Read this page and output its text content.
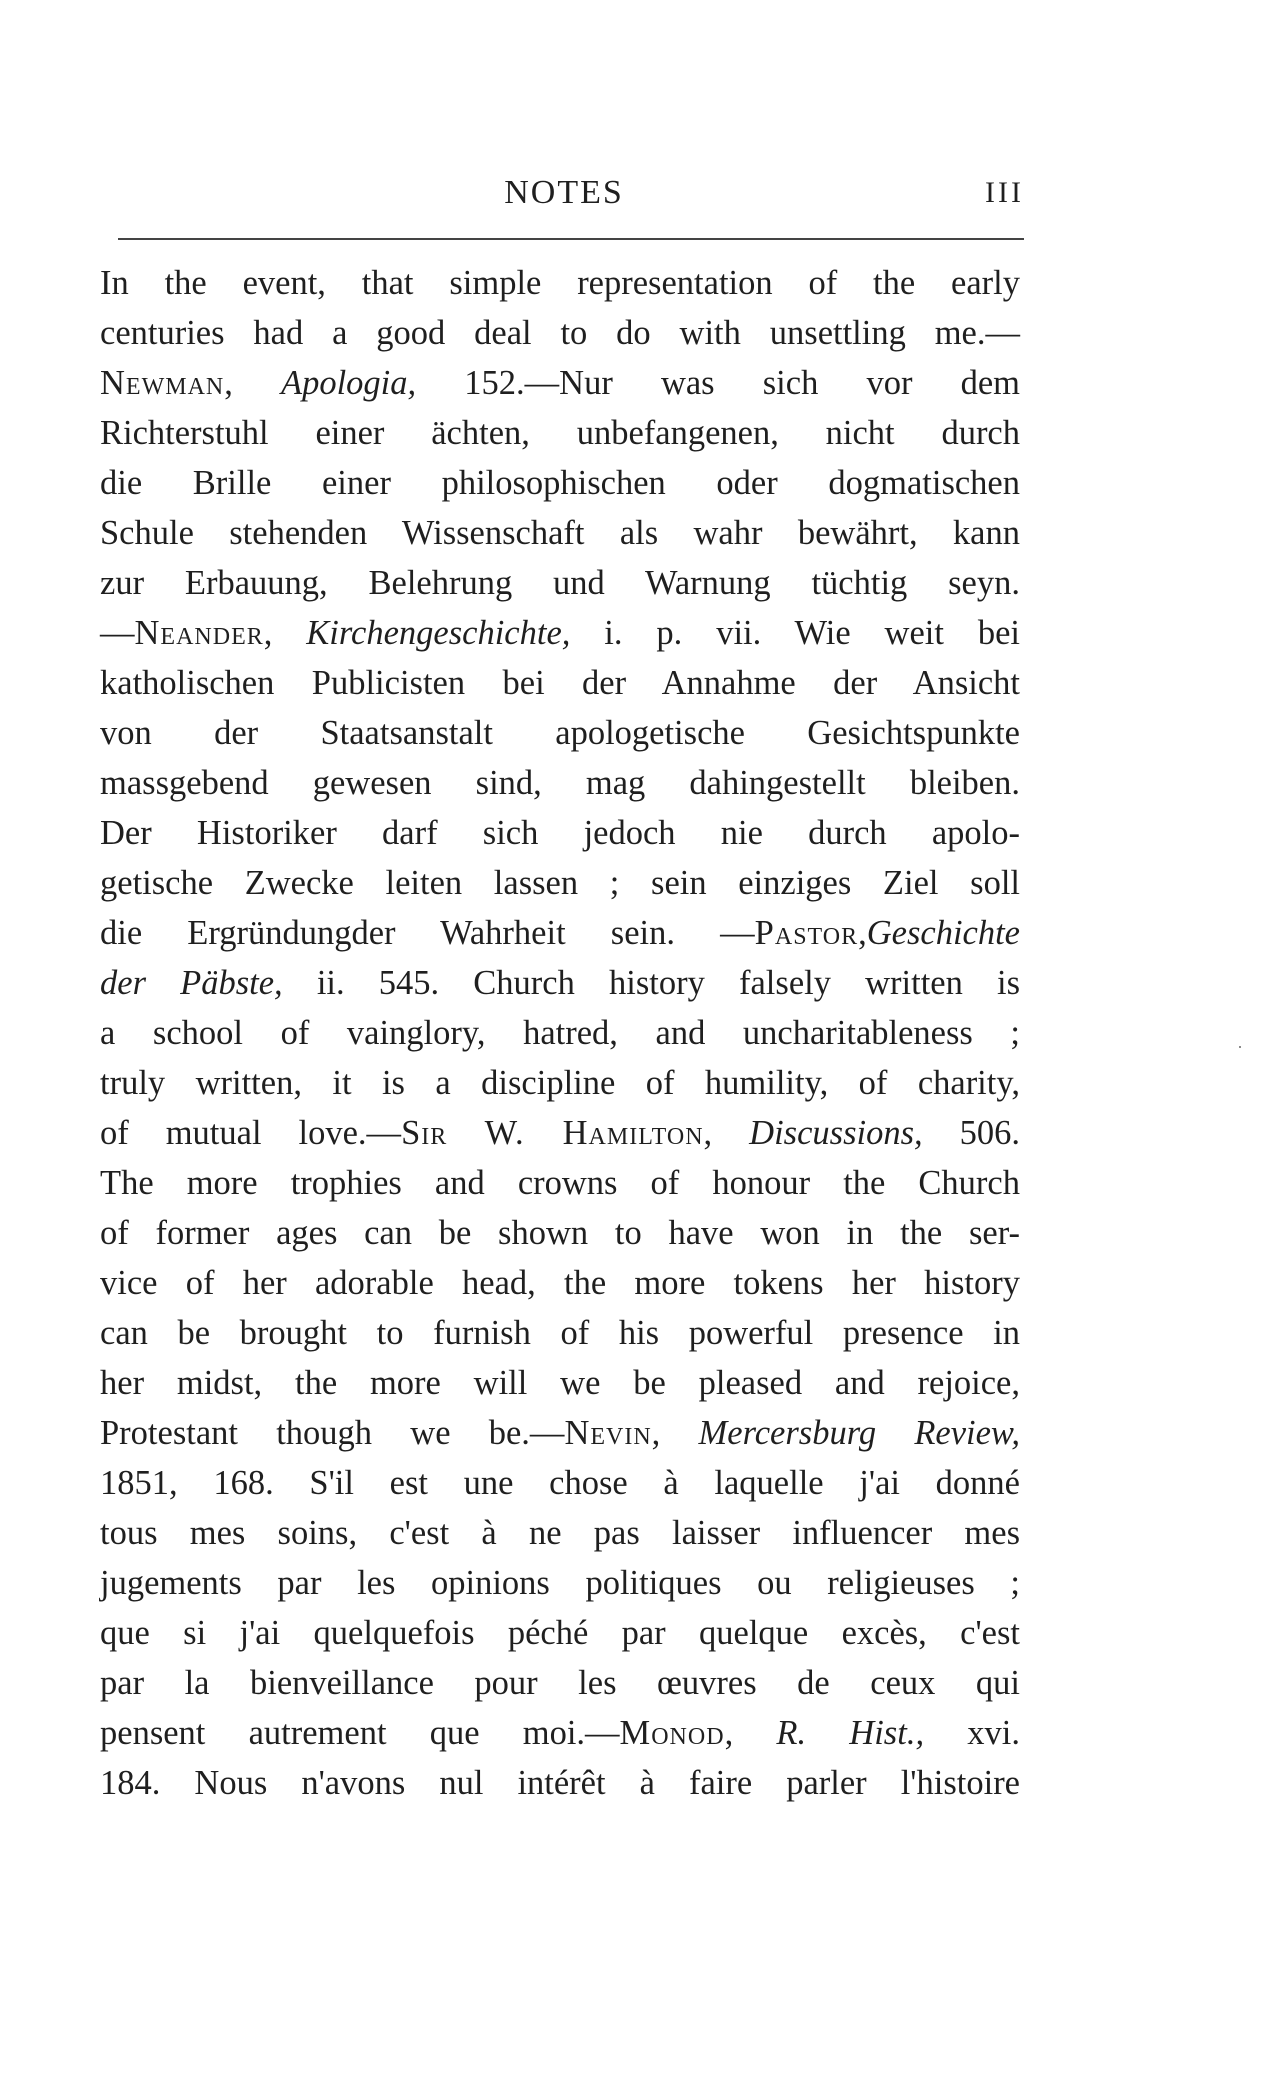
NOTES	III
In the event, that simple representation of the early
centuries had a good deal to do with unsettling me.—
Newman, Apologia, 152.—Nur was sich vor dem
Richterstuhl einer ächten, unbefangenen, nicht durch
die Brille einer philosophischen oder dogmatischen
Schule stehenden Wissenschaft als wahr bewährt, kann
zur Erbauung, Belehrung und Warnung tüchtig seyn.
—Neander, Kirchengeschichte, i. p. vii. Wie weit bei
katholischen Publicisten bei der Annahme der Ansicht
von der Staatsanstalt apologetische Gesichtspunkte
massgebend gewesen sind, mag dahingestellt bleiben.
Der Historiker darf sich jedoch nie durch apolo-
getische Zwecke leiten lassen ; sein einziges Ziel soll
die Ergründungder Wahrheit sein. —Pastor,Geschichte
der Päbste, ii. 545. Church history falsely written is
a school of vainglory, hatred, and uncharitableness ;
truly written, it is a discipline of humility, of charity,
of mutual love.—Sir W. Hamilton, Discussions, 506.
The more trophies and crowns of honour the Church
of former ages can be shown to have won in the ser-
vice of her adorable head, the more tokens her history
can be brought to furnish of his powerful presence in
her midst, the more will we be pleased and rejoice,
Protestant though we be.—Nevin, Mercersburg Review,
1851, 168. S'il est une chose à laquelle j'ai donné
tous mes soins, c'est à ne pas laisser influencer mes
jugements par les opinions politiques ou religieuses ;
que si j'ai quelquefois péché par quelque excès, c'est
par la bienveillance pour les œuvres de ceux qui
pensent autrement que moi.—Monod, R. Hist., xvi.
184. Nous n'avons nul intérêt à faire parler l'histoire
